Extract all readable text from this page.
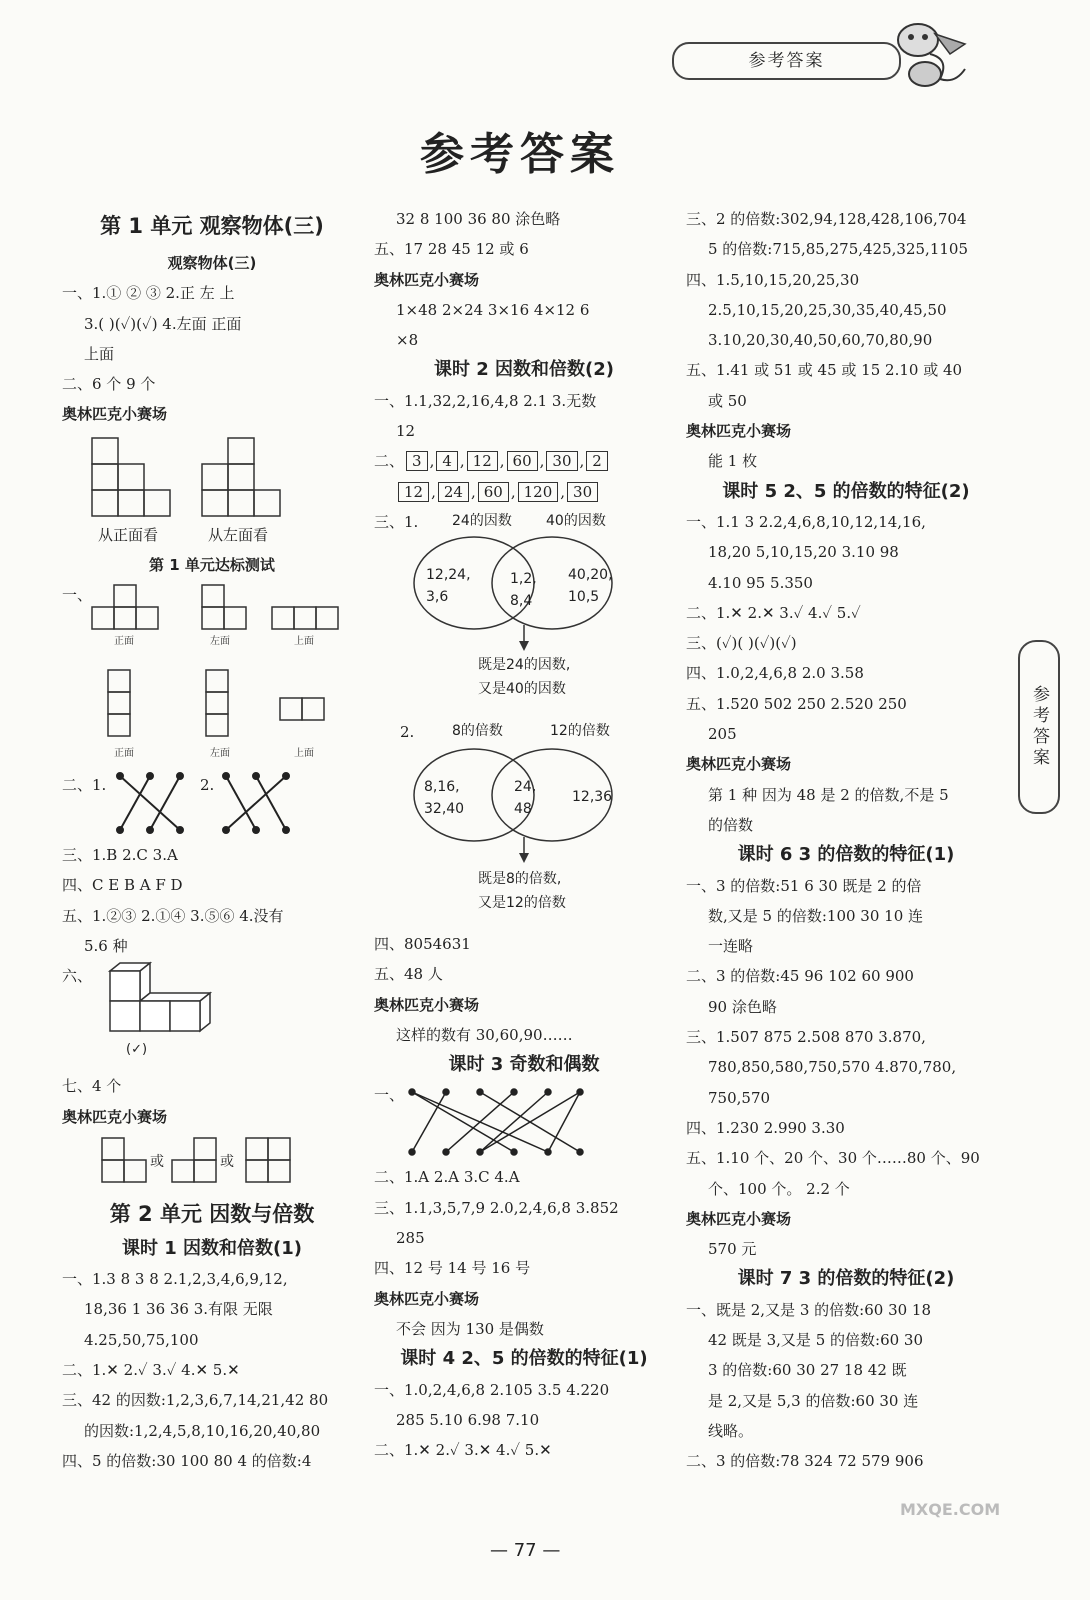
参考答案
参考答案
参考答案
第 1 单元 观察物体(三)
观察物体(三)
一、1.① ② ③ 2.正 左 上
3.( )(✓)(✓) 4.左面 正面
上面
二、6 个 9 个
奥林匹克小赛场
从正面看	从左面看
第 1 单元达标测试
一、
正面	左面	上面
正面	左面	上面
二、1.	2.
三、1.B 2.C 3.A
四、C E B A F D
五、1.②③ 2.①④ 3.⑤⑥ 4.没有
5.6 种
六、
(✓)
七、4 个
奥林匹克小赛场
或	或
第 2 单元 因数与倍数
课时 1 因数和倍数(1)
一、1.3 8 3 8 2.1,2,3,4,6,9,12,
18,36 1 36 36 3.有限 无限
4.25,50,75,100
二、1.✕ 2.✓ 3.✓ 4.✕ 5.✕
三、42 的因数:1,2,3,6,7,14,21,42 80
的因数:1,2,4,5,8,10,16,20,40,80
四、5 的倍数:30 100 80 4 的倍数:4
32 8 100 36 80 涂色略
五、17 28 45 12 或 6
奥林匹克小赛场
1×48 2×24 3×16 4×12 6
×8
课时 2 因数和倍数(2)
一、1.1,32,2,16,4,8 2.1 3.无数
12
二、 3 , 4 , 12 , 60 , 30 , 2
12 , 24 , 60 , 120 , 30
三、1. 24的因数 40的因数
12,24,
3,6
1,2,
8,4
40,20,
10,5
既是24的因数,
又是40的因数
2.	8的倍数	12的倍数
8,16,
32,40
24,
48
12,36
既是8的倍数,
又是12的倍数
四、8054631
五、48 人
奥林匹克小赛场
这样的数有 30,60,90……
课时 3 奇数和偶数
一、
二、1.A 2.A 3.C 4.A
三、1.1,3,5,7,9 2.0,2,4,6,8 3.852
285
四、12 号 14 号 16 号
奥林匹克小赛场
不会 因为 130 是偶数
课时 4 2、5 的倍数的特征(1)
一、1.0,2,4,6,8 2.105 3.5 4.220
285 5.10 6.98 7.10
二、1.✕ 2.✓ 3.✕ 4.✓ 5.✕
三、2 的倍数:302,94,128,428,106,704
5 的倍数:715,85,275,425,325,1105
四、1.5,10,15,20,25,30
2.5,10,15,20,25,30,35,40,45,50
3.10,20,30,40,50,60,70,80,90
五、1.41 或 51 或 45 或 15 2.10 或 40
或 50
奥林匹克小赛场
能 1 枚
课时 5 2、5 的倍数的特征(2)
一、1.1 3 2.2,4,6,8,10,12,14,16,
18,20 5,10,15,20 3.10 98
4.10 95 5.350
二、1.✕ 2.✕ 3.✓ 4.✓ 5.✓
三、(✓)( )(✓)(✓)
四、1.0,2,4,6,8 2.0 3.58
五、1.520 502 250 2.520 250
205
奥林匹克小赛场
第 1 种 因为 48 是 2 的倍数,不是 5
的倍数
课时 6 3 的倍数的特征(1)
一、3 的倍数:51 6 30 既是 2 的倍
数,又是 5 的倍数:100 30 10 连
一连略
二、3 的倍数:45 96 102 60 900
90 涂色略
三、1.507 875 2.508 870 3.870,
780,850,580,750,570 4.870,780,
750,570
四、1.230 2.990 3.30
五、1.10 个、20 个、30 个……80 个、90
个、100 个。 2.2 个
奥林匹克小赛场
570 元
课时 7 3 的倍数的特征(2)
一、既是 2,又是 3 的倍数:60 30 18
42 既是 3,又是 5 的倍数:60 30
3 的倍数:60 30 27 18 42 既
是 2,又是 5,3 的倍数:60 30 连
线略。
二、3 的倍数:78 324 72 579 906
— 77 —
MXQE.COM
